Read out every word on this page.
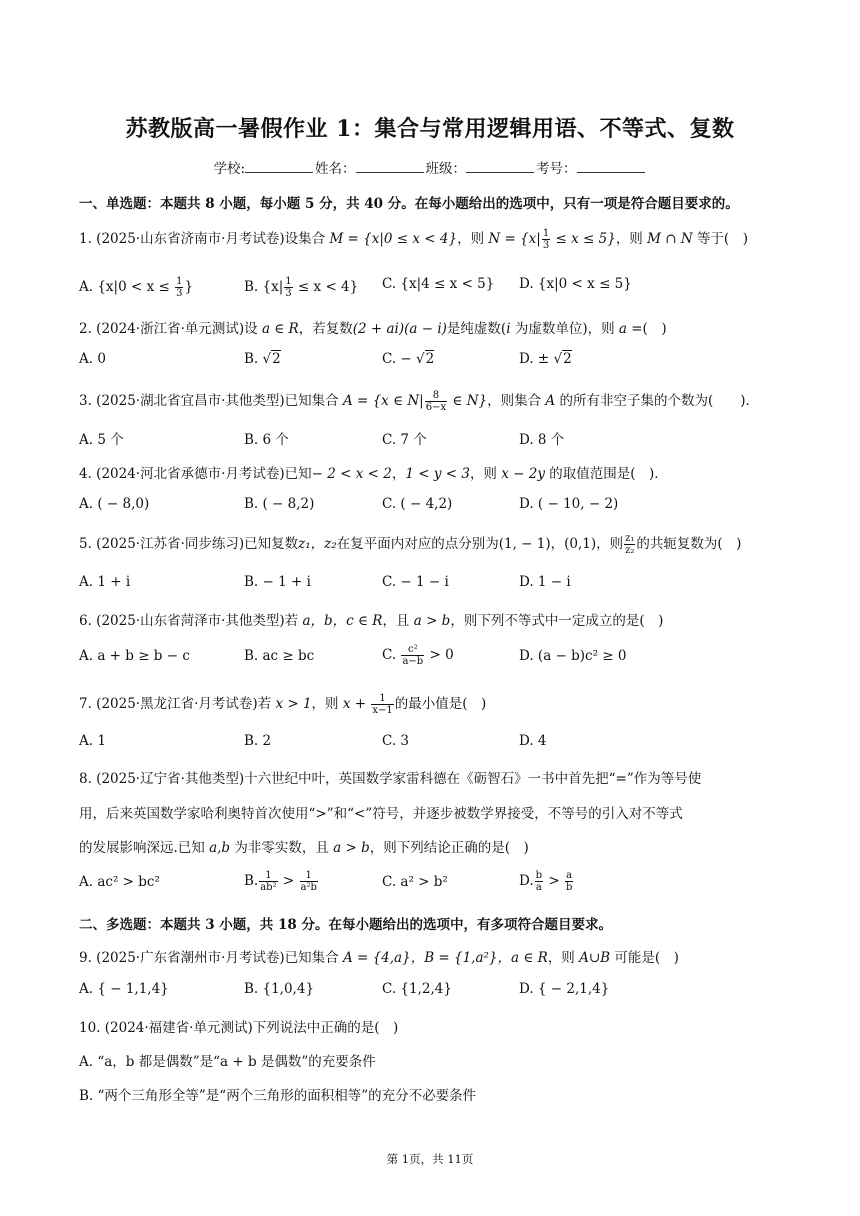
苏教版高一暑假作业 1：集合与常用逻辑用语、不等式、复数
学校:	姓名：	班级：	考号：
一、单选题：本题共 8 小题，每小题 5 分，共 40 分。在每小题给出的选项中，只有一项是符合题目要求的。
1. (2025·山东省济南市·月考试卷)设集合 M = {x|0 ≤ x < 4}，则 $N = \{x| \frac{1}{3} \le x \le 5\}$，则 M ∩ N 等于( )
A. {$x|0 < x \le \frac{1}{3}$ }	B. $\{x| \frac{1}{3} \le x < 4\}$ C. {x|4 ≤ x < 5} D. {x|0 < x ≤ 5}
2. (2024·浙江省·单元测试)设 a ∈ R，若复数(2 + ai)(a − i)是纯虚数(i 为虚数单位)，则 a =( )
A. 0	B. √2	C. − √2	D. ± √2
3. (2025·湖北省宜昌市·其他类型)已知集合 A = {x ∈ $N| \frac{8}{6-x}$ ∈ N}，则集合 A 的所有非空子集的个数为(  )．
A. 5 个	B. 6 个	C. 7 个	D. 8 个
4. (2024·河北省承德市·月考试卷)已知− 2 < x < 2，1 < y < 3，则 x − 2y 的取值范围是( )．
A. ( − 8,0)	B. ( − 8,2)	C. ( − 4,2)	D. ( − 10, − 2)
5. (2025·江苏省·同步练习)已知复数z₁，z₂在复平面内对应的点分别为(1, − 1)，(0,1)，则 $\frac{\text{z₁}}{\text{z₂}}$ 的共轭复数为( )
A. 1 + i	B. − 1 + i	C. − 1 − i	D. 1 − i
6. (2025·山东省菏泽市·其他类型)若 a，b，c ∈ R，且 a > b，则下列不等式中一定成立的是( )
A. a + b ≥ b − c	B. ac ≥ bc	C. $\frac{\text{c²}}{a-b} > 0$	D. (a − b)c² ≥ 0
7. (2025·黑龙江省·月考试卷)若 x > 1，则 $x + \frac{1}{x-1}$ 的最小值是( )
A. 1	B. 2	C. 3	D. 4
8. (2025·辽宁省·其他类型)十六世纪中叶，英国数学家雷科德在《砺智石》一书中首先把“=”作为等号使
用，后来英国数学家哈利奥特首次使用“>”和“<”符号，并逐步被数学界接受，不等号的引入对不等式
的发展影响深远.已知 a,b 为非零实数，且 a > b，则下列结论正确的是( )
A. ac² > bc²	B. $\frac{1}{\text{ab²}} > \frac{1}{\text{a²b}}$	C. a² > b²	D. $\frac{b}{a} > \frac{a}{b}$
二、多选题：本题共 3 小题，共 18 分。在每小题给出的选项中，有多项符合题目要求。
9. (2025·广东省潮州市·月考试卷)已知集合 A = {4,a}，B = {1,a²}，a ∈ R，则 A∪B 可能是( )
A. { − 1,1,4}	B. {1,0,4}	C. {1,2,4}	D. { − 2,1,4}
10. (2024·福建省·单元测试)下列说法中正确的是( )
A. “a，b 都是偶数”是“a + b 是偶数”的充要条件
B. “两个三角形全等”是“两个三角形的面积相等”的充分不必要条件
第 1页，共 11页
